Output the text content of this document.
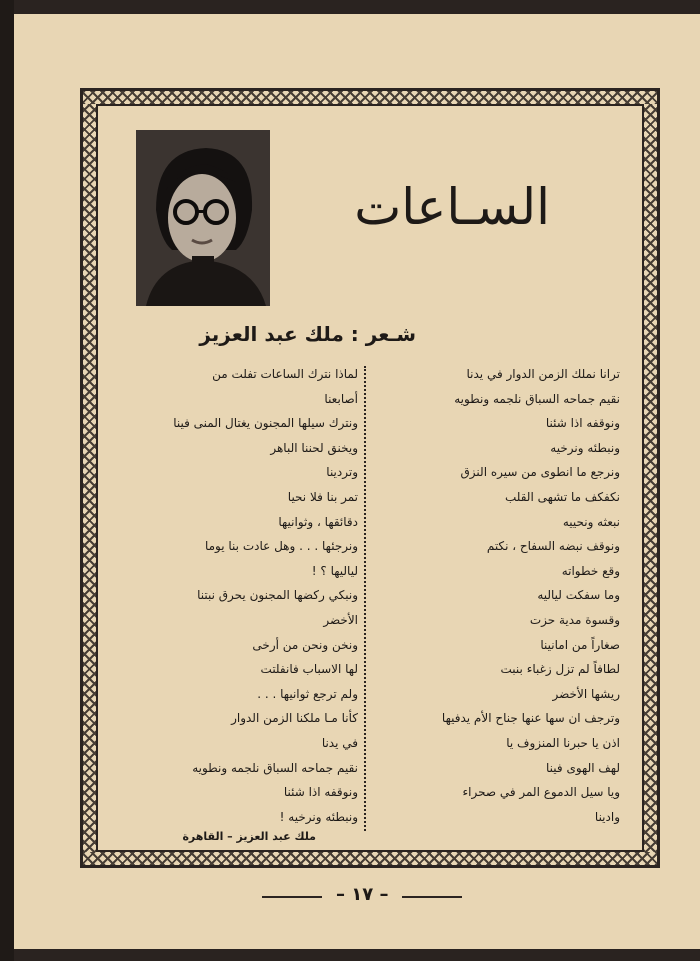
السـاعات
شـعر : ملك عبد العزيز
ترانا نملك الزمن الدوار في يدنا
نقيم جماحه السباق نلجمه ونطويه
ونوقفه اذا شئنا
ونبطئه ونرخيه
ونرجع ما انطوى من سيره النزق
نكفكف ما تشهى القلب
نبعثه ونحييه
ونوقف نبضه السفاح ، نكتم
وقع خطواته
وما سفكت لياليه
وقسوة مدية حزت
صغاراً من امانينا
لطافاً لم تزل زغباء بنبت
ريشها الأخضر
وترجف ان سها عنها جناح الأم يدفيها
اذن يا حبرنا المنزوف يا
لهف الهوى فينا
ويا سيل الدموع المر في صحراء
وادينا
لماذا نترك الساعات تفلت من
أصابعنا
ونترك سيلها المجنون يغتال المنى فينا
ويخنق لحننا الباهر
وتردينا
تمر بنا فلا نحيا
دقائقها ، وثوانيها
ونرجئها . . . وهل عادت بنا يوما
لياليها ؟ !
ونبكي ركضها المجنون يحرق نبتنا
الأخضر
ونخن ونحن من أرخى
لها الاسباب فانفلتت
ولم ترجع ثوانيها . . .
كأنا مـا ملكنا الزمن الدوار
في يدنا
نقيم جماحه السباق نلجمه ونطويه
ونوقفه اذا شئنا
ونبطئه ونرخيه !
ملك عبد العزيز – القاهرة
– ١٧ –
